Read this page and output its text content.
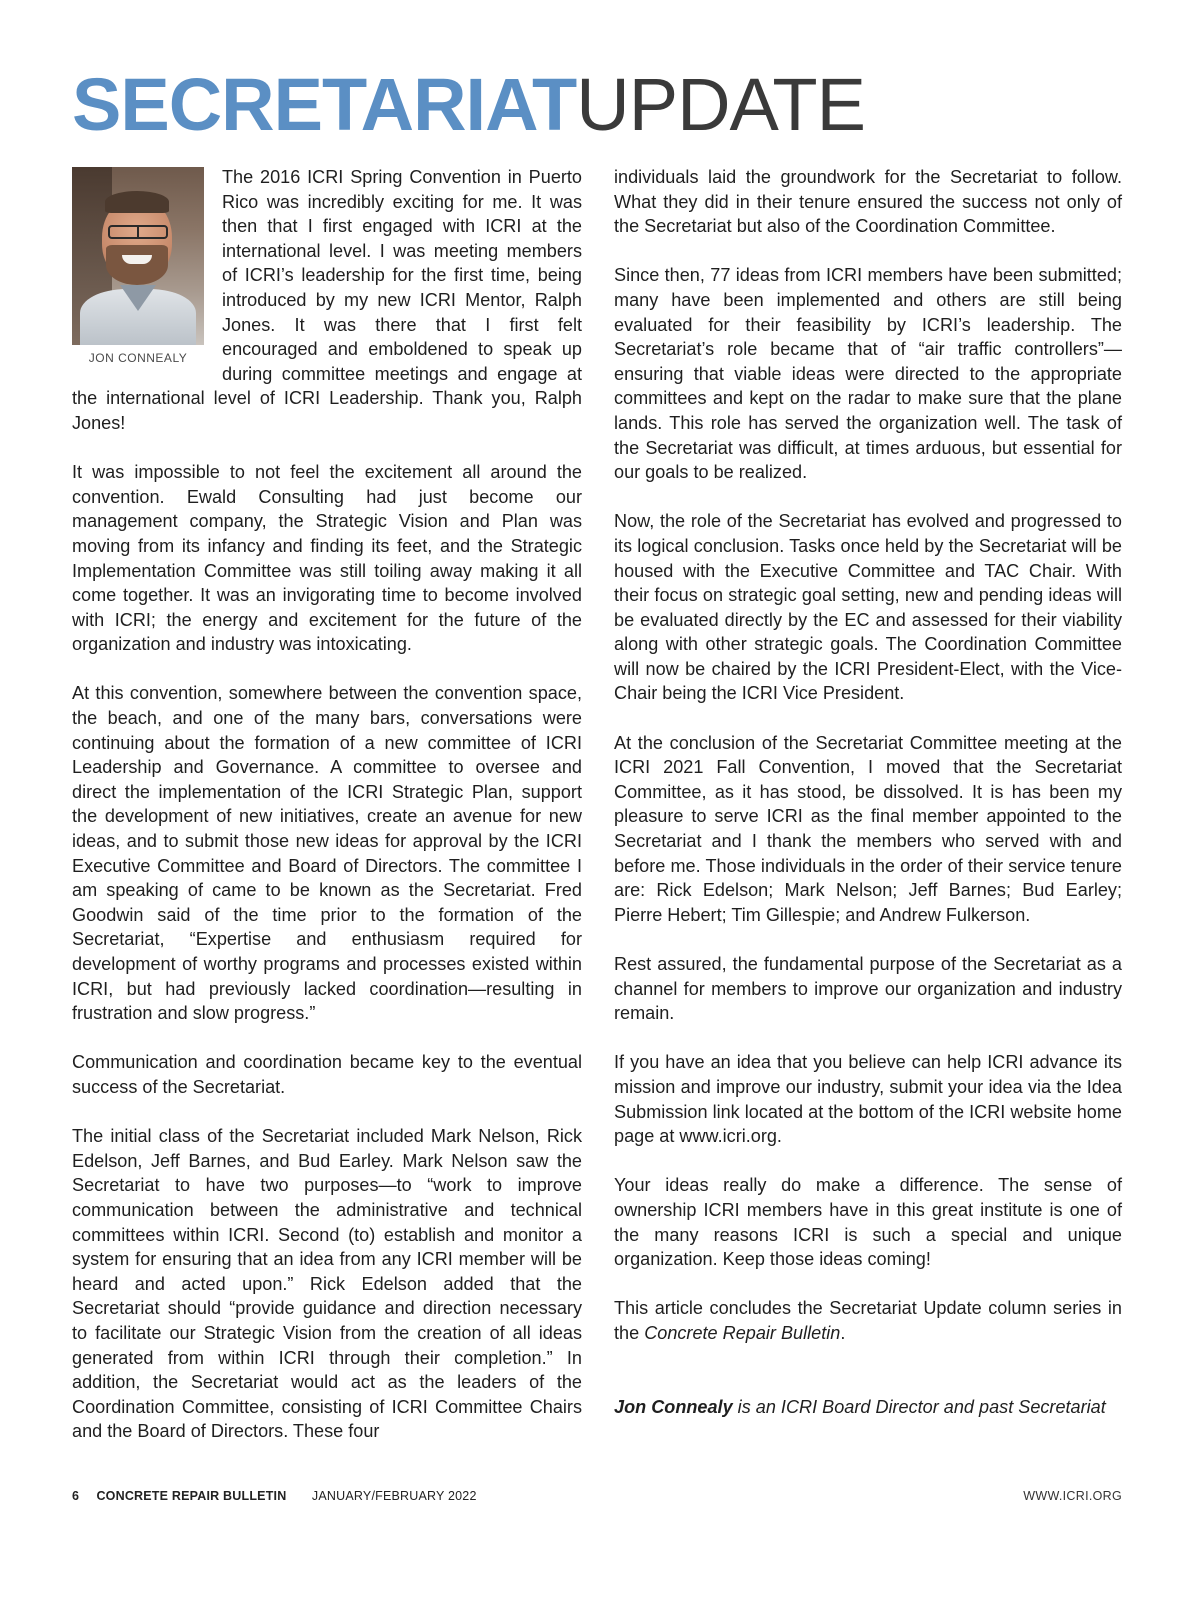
SECRETARIATUPDATE
JON CONNEALY

The 2016 ICRI Spring Convention in Puerto Rico was incredibly exciting for me. It was then that I first engaged with ICRI at the international level. I was meeting members of ICRI’s leadership for the first time, being introduced by my new ICRI Mentor, Ralph Jones. It was there that I first felt encouraged and emboldened to speak up during committee meetings and engage at the international level of ICRI Leadership. Thank you, Ralph Jones!

It was impossible to not feel the excitement all around the convention. Ewald Consulting had just become our management company, the Strategic Vision and Plan was moving from its infancy and finding its feet, and the Strategic Implementation Committee was still toiling away making it all come together. It was an invigorating time to become involved with ICRI; the energy and excitement for the future of the organization and industry was intoxicating.

At this convention, somewhere between the convention space, the beach, and one of the many bars, conversations were continuing about the formation of a new committee of ICRI Leadership and Governance. A committee to oversee and direct the implementation of the ICRI Strategic Plan, support the development of new initiatives, create an avenue for new ideas, and to submit those new ideas for approval by the ICRI Executive Committee and Board of Directors. The committee I am speaking of came to be known as the Secretariat. Fred Goodwin said of the time prior to the formation of the Secretariat, “Expertise and enthusiasm required for development of worthy programs and processes existed within ICRI, but had previously lacked coordination—resulting in frustration and slow progress.”

Communication and coordination became key to the eventual success of the Secretariat.

The initial class of the Secretariat included Mark Nelson, Rick Edelson, Jeff Barnes, and Bud Earley. Mark Nelson saw the Secretariat to have two purposes—to “work to improve communication between the administrative and technical committees within ICRI. Second (to) establish and monitor a system for ensuring that an idea from any ICRI member will be heard and acted upon.” Rick Edelson added that the Secretariat should “provide guidance and direction necessary to facilitate our Strategic Vision from the creation of all ideas generated from within ICRI through their completion.” In addition, the Secretariat would act as the leaders of the Coordination Committee, consisting of ICRI Committee Chairs and the Board of Directors. These four

individuals laid the groundwork for the Secretariat to follow. What they did in their tenure ensured the success not only of the Secretariat but also of the Coordination Committee.

Since then, 77 ideas from ICRI members have been submitted; many have been implemented and others are still being evaluated for their feasibility by ICRI’s leadership. The Secretariat’s role became that of “air traffic controllers”—ensuring that viable ideas were directed to the appropriate committees and kept on the radar to make sure that the plane lands. This role has served the organization well. The task of the Secretariat was difficult, at times arduous, but essential for our goals to be realized.

Now, the role of the Secretariat has evolved and progressed to its logical conclusion. Tasks once held by the Secretariat will be housed with the Executive Committee and TAC Chair. With their focus on strategic goal setting, new and pending ideas will be evaluated directly by the EC and assessed for their viability along with other strategic goals. The Coordination Committee will now be chaired by the ICRI President-Elect, with the Vice-Chair being the ICRI Vice President.

At the conclusion of the Secretariat Committee meeting at the ICRI 2021 Fall Convention, I moved that the Secretariat Committee, as it has stood, be dissolved. It is has been my pleasure to serve ICRI as the final member appointed to the Secretariat and I thank the members who served with and before me. Those individuals in the order of their service tenure are: Rick Edelson; Mark Nelson; Jeff Barnes; Bud Earley; Pierre Hebert; Tim Gillespie; and Andrew Fulkerson.

Rest assured, the fundamental purpose of the Secretariat as a channel for members to improve our organization and industry remain.

If you have an idea that you believe can help ICRI advance its mission and improve our industry, submit your idea via the Idea Submission link located at the bottom of the ICRI website home page at www.icri.org.

Your ideas really do make a difference. The sense of ownership ICRI members have in this great institute is one of the many reasons ICRI is such a special and unique organization. Keep those ideas coming!

This article concludes the Secretariat Update column series in the Concrete Repair Bulletin.

Jon Connealy is an ICRI Board Director and past Secretariat

6 CONCRETE REPAIR BULLETIN JANUARY/FEBRUARY 2022	WWW.ICRI.ORG
